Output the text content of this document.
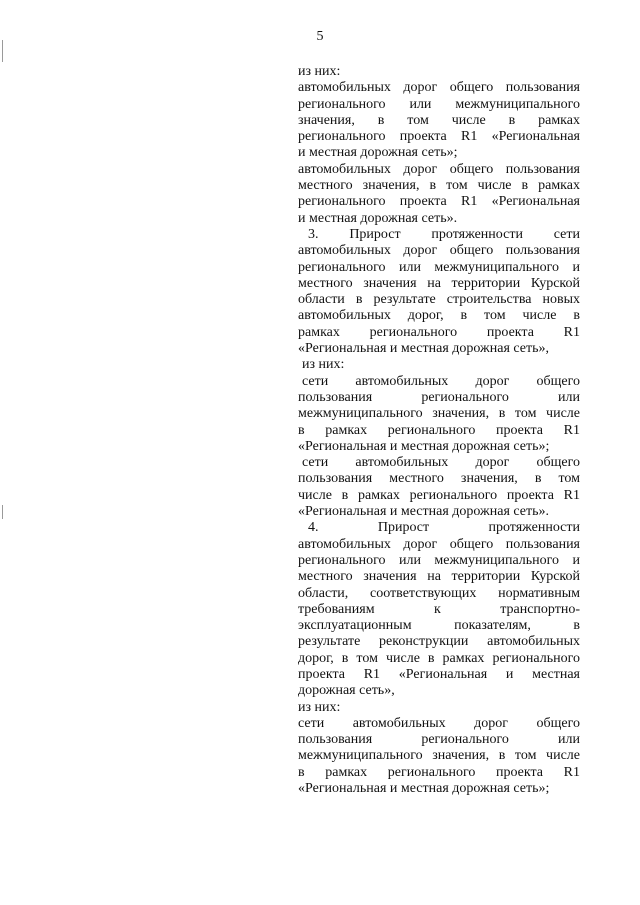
5
из них:
автомобильных дорог общего пользования
регионального или межмуниципального
значения, в том числе в рамках
регионального проекта R1 «Региональная
и местная дорожная сеть»;
автомобильных дорог общего пользования
местного значения, в том числе в рамках
регионального проекта R1 «Региональная
и местная дорожная сеть».
3. Прирост протяженности сети
автомобильных дорог общего пользования
регионального или межмуниципального и
местного значения на территории Курской
области в результате строительства новых
автомобильных дорог, в том числе в
рамках регионального проекта R1
«Региональная и местная дорожная сеть»,
из них:
сети автомобильных дорог общего
пользования регионального или
межмуниципального значения, в том числе
в рамках регионального проекта R1
«Региональная и местная дорожная сеть»;
сети автомобильных дорог общего
пользования местного значения, в том
числе в рамках регионального проекта R1
«Региональная и местная дорожная сеть».
4. Прирост протяженности
автомобильных дорог общего пользования
регионального или межмуниципального и
местного значения на территории Курской
области, соответствующих нормативным
требованиям к транспортно-
эксплуатационным показателям, в
результате реконструкции автомобильных
дорог, в том числе в рамках регионального
проекта R1 «Региональная и местная
дорожная сеть»,
из них:
сети автомобильных дорог общего
пользования регионального или
межмуниципального значения, в том числе
в рамках регионального проекта R1
«Региональная и местная дорожная сеть»;
